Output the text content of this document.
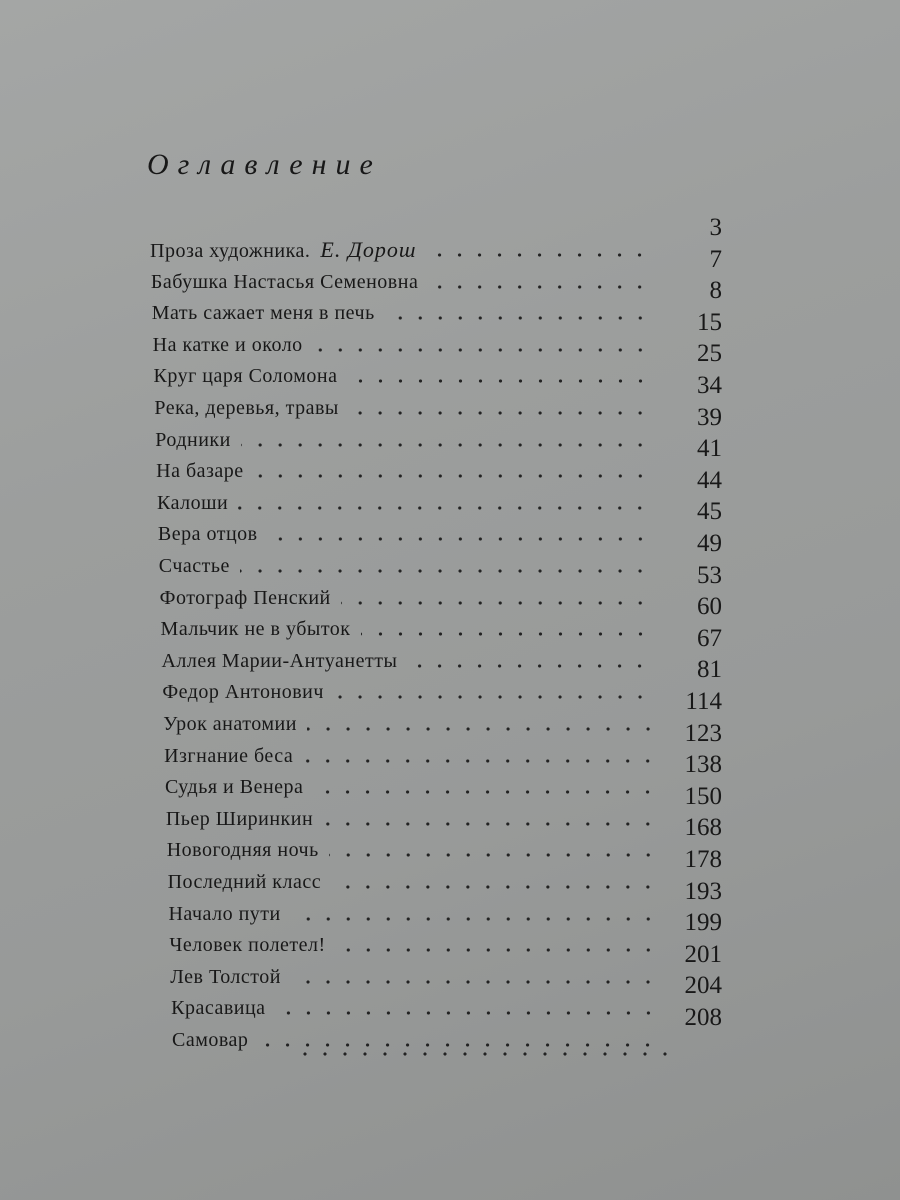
Оглавление
3
7
8
15
25
34
39
41
44
45
49
53
60
67
81
114
123
138
150
168
178
193
199
201
204
208
Проза художника. Е. Дорош
Бабушка Настасья Семеновна
Мать сажает меня в печь
На катке и около
Круг царя Соломона
Река, деревья, травы
Родники
На базаре
Калоши
Вера отцов
Счастье
Фотограф Пенский
Мальчик не в убыток
Аллея Марии-Антуанетты
Федор Антонович
Урок анатомии
Изгнание беса
Судья и Венера
Пьер Ширинкин
Новогодняя ночь
Последний класс
Начало пути
Человек полетел!
Лев Толстой
Красавица
Самовар
